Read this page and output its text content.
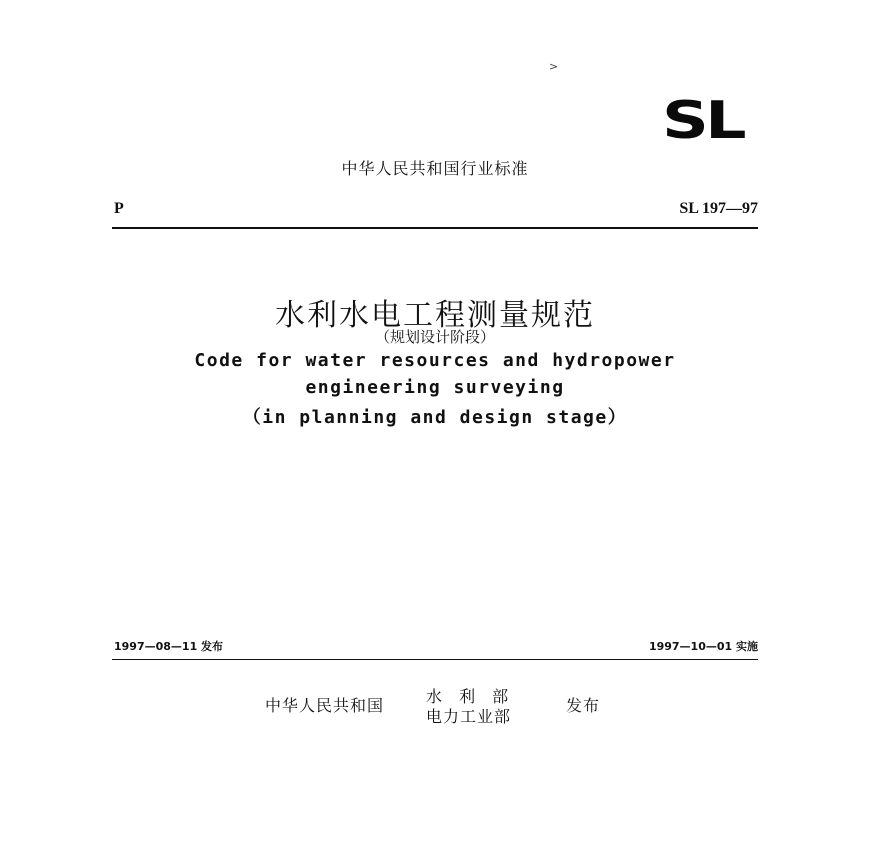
>
SL
中华人民共和国行业标准
P	SL 197—97
水利水电工程测量规范
（规划设计阶段）
Code for water resources and hydropower
engineering surveying
（in planning and design stage）
1997—08—11 发布	1997—10—01 实施
中华人民共和国	水 利 部
电力工业部
发布
